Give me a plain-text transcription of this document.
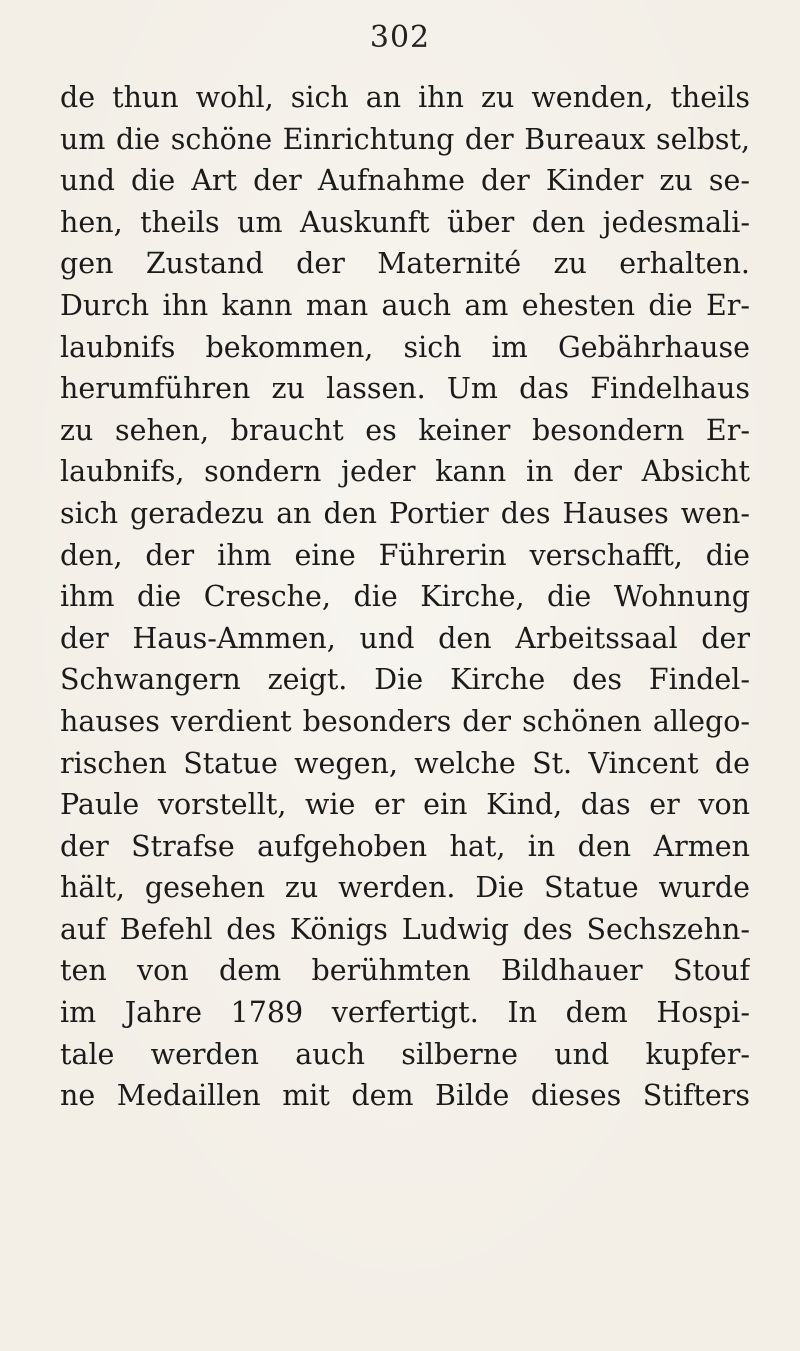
302
de thun wohl, sich an ihn zu wenden, theils
um die schöne Einrichtung der Bureaux selbst,
und die Art der Aufnahme der Kinder zu se-
hen, theils um Auskunft über den jedesmali-
gen Zustand der Maternité zu erhalten.
Durch ihn kann man auch am ehesten die Er-
laubnifs bekommen, sich im Gebährhause
herumführen zu lassen. Um das Findelhaus
zu sehen, braucht es keiner besondern Er-
laubnifs, sondern jeder kann in der Absicht
sich geradezu an den Portier des Hauses wen-
den, der ihm eine Führerin verschafft, die
ihm die Cresche, die Kirche, die Wohnung
der Haus-Ammen, und den Arbeitssaal der
Schwangern zeigt. Die Kirche des Findel-
hauses verdient besonders der schönen allego-
rischen Statue wegen, welche St. Vincent de
Paule vorstellt, wie er ein Kind, das er von
der Strafse aufgehoben hat, in den Armen
hält, gesehen zu werden. Die Statue wurde
auf Befehl des Königs Ludwig des Sechszehn-
ten von dem berühmten Bildhauer Stouf
im Jahre 1789 verfertigt. In dem Hospi-
tale werden auch silberne und kupfer-
ne Medaillen mit dem Bilde dieses Stifters
